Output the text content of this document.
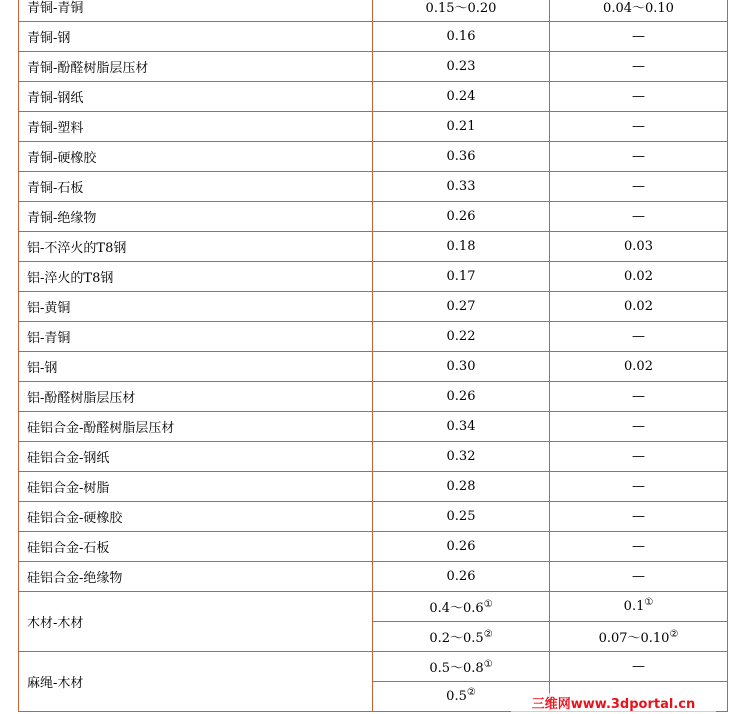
青铜-青铜	0.15～0.20	0.04～0.10
青铜-钢	0.16	—
青铜-酚醛树脂层压材	0.23	—
青铜-钢纸	0.24	—
青铜-塑料	0.21	—
青铜-硬橡胶	0.36	—
青铜-石板	0.33	—
青铜-绝缘物	0.26	—
铝-不淬火的T8钢	0.18	0.03
铝-淬火的T8钢	0.17	0.02
铝-黄铜	0.27	0.02
铝-青铜	0.22	—
铝-钢	0.30	0.02
铝-酚醛树脂层压材	0.26	—
硅铝合金-酚醛树脂层压材	0.34	—
硅铝合金-钢纸	0.32	—
硅铝合金-树脂	0.28	—
硅铝合金-硬橡胶	0.25	—
硅铝合金-石板	0.26	—
硅铝合金-绝缘物	0.26	—
木材-木材	0.4～0.6①	0.1①
	0.2～0.5②	0.07～0.10②
麻绳-木材	0.5～0.8①	—
	0.5②	
三维网www.3dportal.cn
